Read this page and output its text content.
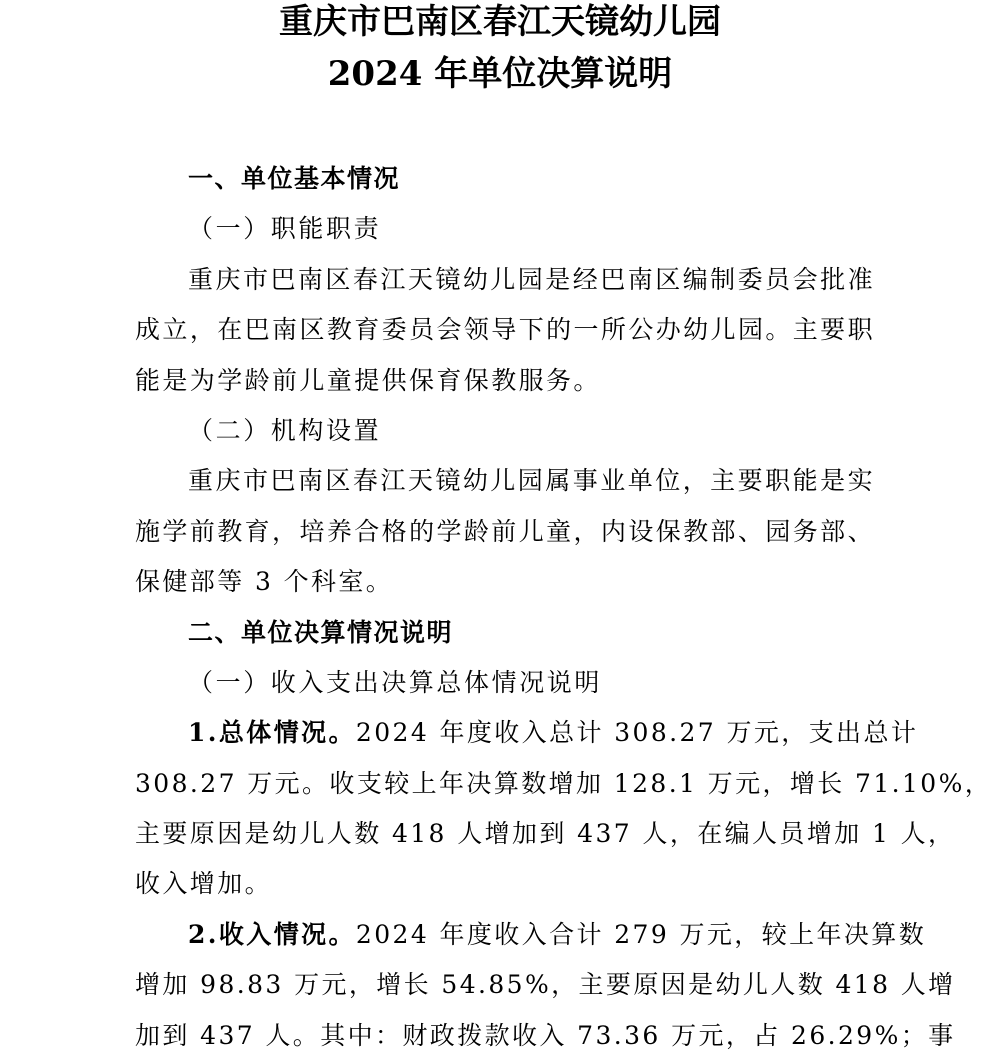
重庆市巴南区春江天镜幼儿园
2024 年单位决算说明
一、单位基本情况
（一）职能职责
重庆市巴南区春江天镜幼儿园是经巴南区编制委员会批准
成立，在巴南区教育委员会领导下的一所公办幼儿园。主要职
能是为学龄前儿童提供保育保教服务。
（二）机构设置
重庆市巴南区春江天镜幼儿园属事业单位，主要职能是实
施学前教育，培养合格的学龄前儿童，内设保教部、园务部、
保健部等 3 个科室。
二、单位决算情况说明
（一）收入支出决算总体情况说明
1.总体情况。2024 年度收入总计 308.27 万元，支出总计
308.27 万元。收支较上年决算数增加 128.1 万元，增长 71.10%，
主要原因是幼儿人数 418 人增加到 437 人，在编人员增加 1 人，
收入增加。
2.收入情况。2024 年度收入合计 279 万元，较上年决算数
增加 98.83 万元，增长 54.85%，主要原因是幼儿人数 418 人增
加到 437 人。其中：财政拨款收入 73.36 万元，占 26.29%；事
